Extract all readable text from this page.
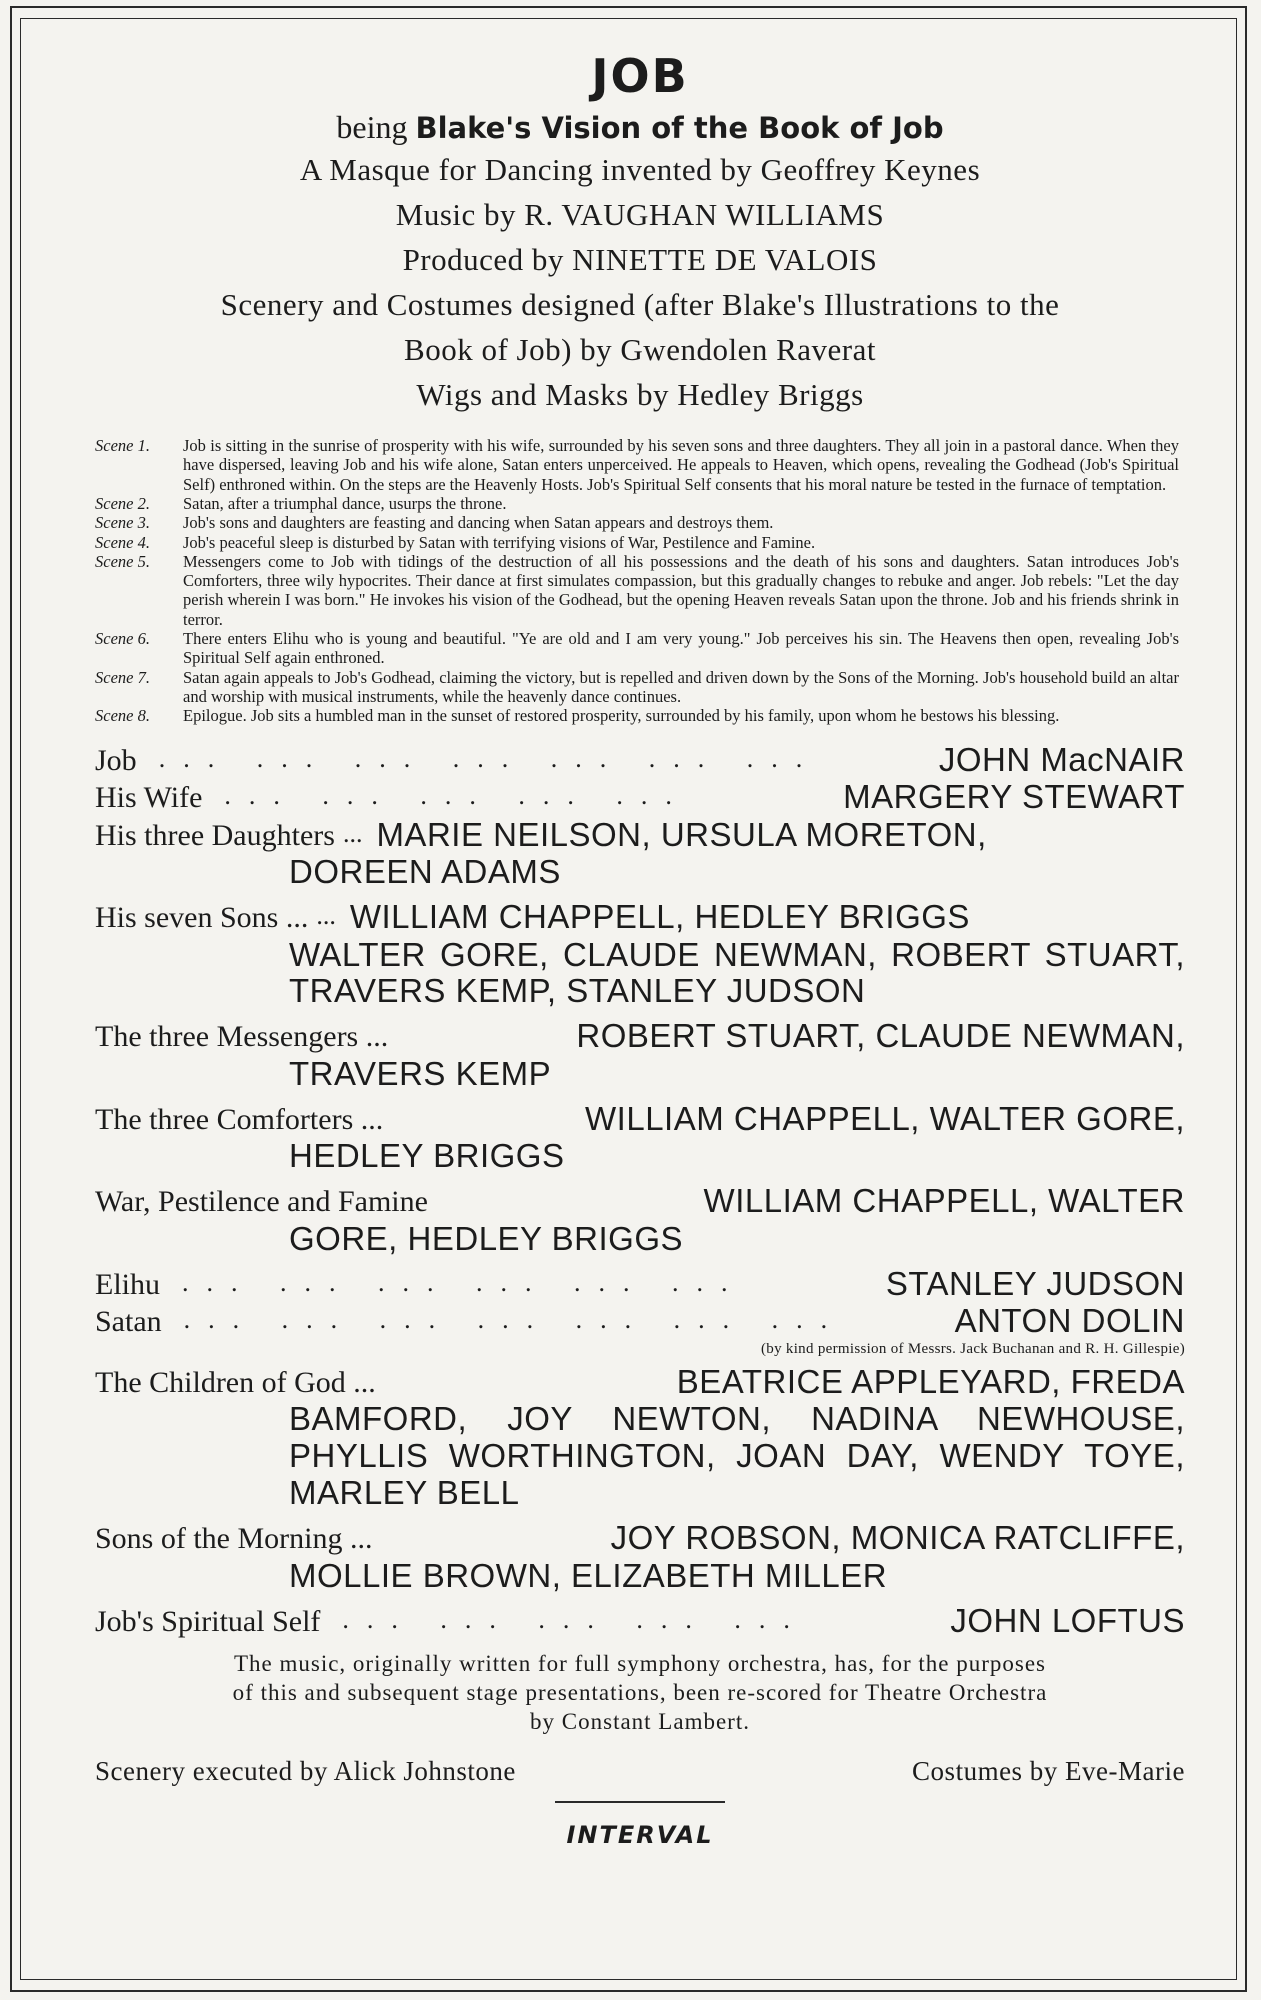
JOB

being Blake's Vision of the Book of Job

A Masque for Dancing invented by Geoffrey Keynes

Music by R. VAUGHAN WILLIAMS

Produced by NINETTE DE VALOIS

Scenery and Costumes designed (after Blake's Illustrations to the

Book of Job) by Gwendolen Raverat

Wigs and Masks by Hedley Briggs

Scene 1.	Job is sitting in the sunrise of prosperity with his wife, surrounded by his seven sons and three daughters. They all join in a pastoral dance. When they have dispersed, leaving Job and his wife alone, Satan enters unperceived. He appeals to Heaven, which opens, revealing the Godhead (Job's Spiritual Self) enthroned within. On the steps are the Heavenly Hosts. Job's Spiritual Self consents that his moral nature be tested in the furnace of temptation.
Scene 2.	Satan, after a triumphal dance, usurps the throne.
Scene 3.	Job's sons and daughters are feasting and dancing when Satan appears and destroys them.
Scene 4.	Job's peaceful sleep is disturbed by Satan with terrifying visions of War, Pestilence and Famine.
Scene 5.	Messengers come to Job with tidings of the destruction of all his possessions and the death of his sons and daughters. Satan introduces Job's Comforters, three wily hypocrites. Their dance at first simulates compassion, but this gradually changes to rebuke and anger. Job rebels: "Let the day perish wherein I was born." He invokes his vision of the Godhead, but the opening Heaven reveals Satan upon the throne. Job and his friends shrink in terror.
Scene 6.	There enters Elihu who is young and beautiful. "Ye are old and I am very young." Job perceives his sin. The Heavens then open, revealing Job's Spiritual Self again enthroned.
Scene 7.	Satan again appeals to Job's Godhead, claiming the victory, but is repelled and driven down by the Sons of the Morning. Job's household build an altar and worship with musical instruments, while the heavenly dance continues.
Scene 8.	Epilogue. Job sits a humbled man in the sunset of restored prosperity, surrounded by his family, upon whom he bestows his blessing.
Job ... ... ... ... ... ... ...	JOHN MacNAIR
His Wife ... ... ... ... ...	MARGERY STEWART
His three Daughters ... MARIE NEILSON, URSULA MORETON,
DOREEN ADAMS
His seven Sons ... ... WILLIAM CHAPPELL, HEDLEY BRIGGS
WALTER GORE, CLAUDE NEWMAN, ROBERT STUART, TRAVERS KEMP, STANLEY JUDSON
The three Messengers ...	ROBERT STUART, CLAUDE NEWMAN,
TRAVERS KEMP
The three Comforters ...	WILLIAM CHAPPELL, WALTER GORE,
HEDLEY BRIGGS
War, Pestilence and Famine	WILLIAM CHAPPELL, WALTER
GORE, HEDLEY BRIGGS
Elihu ... ... ... ... ... ...	STANLEY JUDSON
Satan ... ... ... ... ... ... ...	ANTON DOLIN

(by kind permission of Messrs. Jack Buchanan and R. H. Gillespie)

The Children of God ...	BEATRICE APPLEYARD, FREDA
BAMFORD, JOY NEWTON, NADINA NEWHOUSE, PHYLLIS WORTHINGTON, JOAN DAY, WENDY TOYE, MARLEY BELL
Sons of the Morning ...	JOY ROBSON, MONICA RATCLIFFE,
MOLLIE BROWN, ELIZABETH MILLER
Job's Spiritual Self ... ... ... ... ...	JOHN LOFTUS
The music, originally written for full symphony orchestra, has, for the purposes
of this and subsequent stage presentations, been re-scored for Theatre Orchestra
by Constant Lambert.
Scenery executed by Alick Johnstone	Costumes by Eve-Marie
INTERVAL
